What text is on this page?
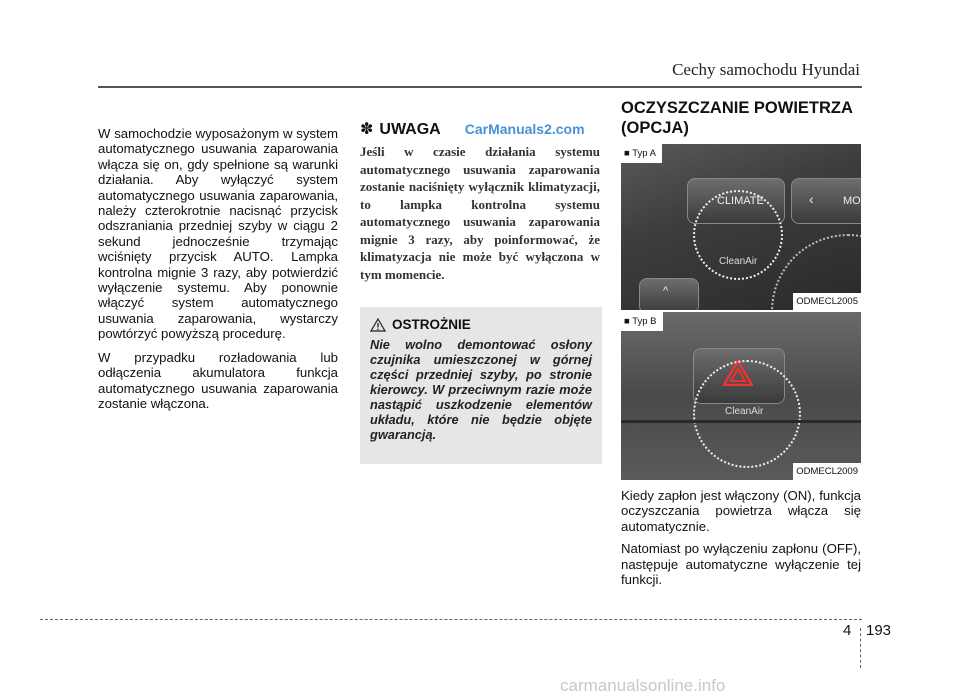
Cechy samochodu Hyundai

W samochodzie wyposażonym w system automatycznego usuwania zaparowania włącza się on, gdy spełnione są warunki działania. Aby wyłączyć system automatycznego usuwania zaparowania, należy czterokrotnie nacisnąć przycisk odszraniania przedniej szyby w ciągu 2 sekund jednocześnie trzymając wciśnięty przycisk AUTO. Lampka kontrolna mignie 3 razy, aby potwierdzić wyłączenie systemu. Aby ponownie włączyć system automatycznego usuwania zaparowania, wystarczy powtórzyć powyższą procedurę.

W przypadku rozładowania lub odłączenia akumulatora funkcja automatycznego usuwania zaparowania zostanie włączona.

✽ UWAGA CarManuals2.com

Jeśli w czasie działania systemu automatycznego usuwania zaparowania zostanie naciśnięty wyłącznik klimatyzacji, to lampka kontrolna systemu automatycznego usuwania zaparowania mignie 3 razy, aby poinformować, że klimatyzacja nie może być wyłączona w tym momencie.

OSTROŻNIE

Nie wolno demontować osłony czujnika umieszczonej w górnej części przedniej szyby, po stronie kierowcy. W przeciwnym razie może nastąpić uszkodzenie elementów układu, które nie będzie objęte gwarancją.

OCZYSZCZANIE POWIETRZA (OPCJA)
CLIMATE	‹	MO
CleanAir
^
■ Typ A
ODMECL2005
CleanAir
■ Typ B
ODMECL2009

Kiedy zapłon jest włączony (ON), funkcja oczyszczania powietrza włącza się automatycznie.

Natomiast po wyłączeniu zapłonu (OFF), następuje automatyczne wyłączenie tej funkcji.

4 193
carmanualsonline.info
